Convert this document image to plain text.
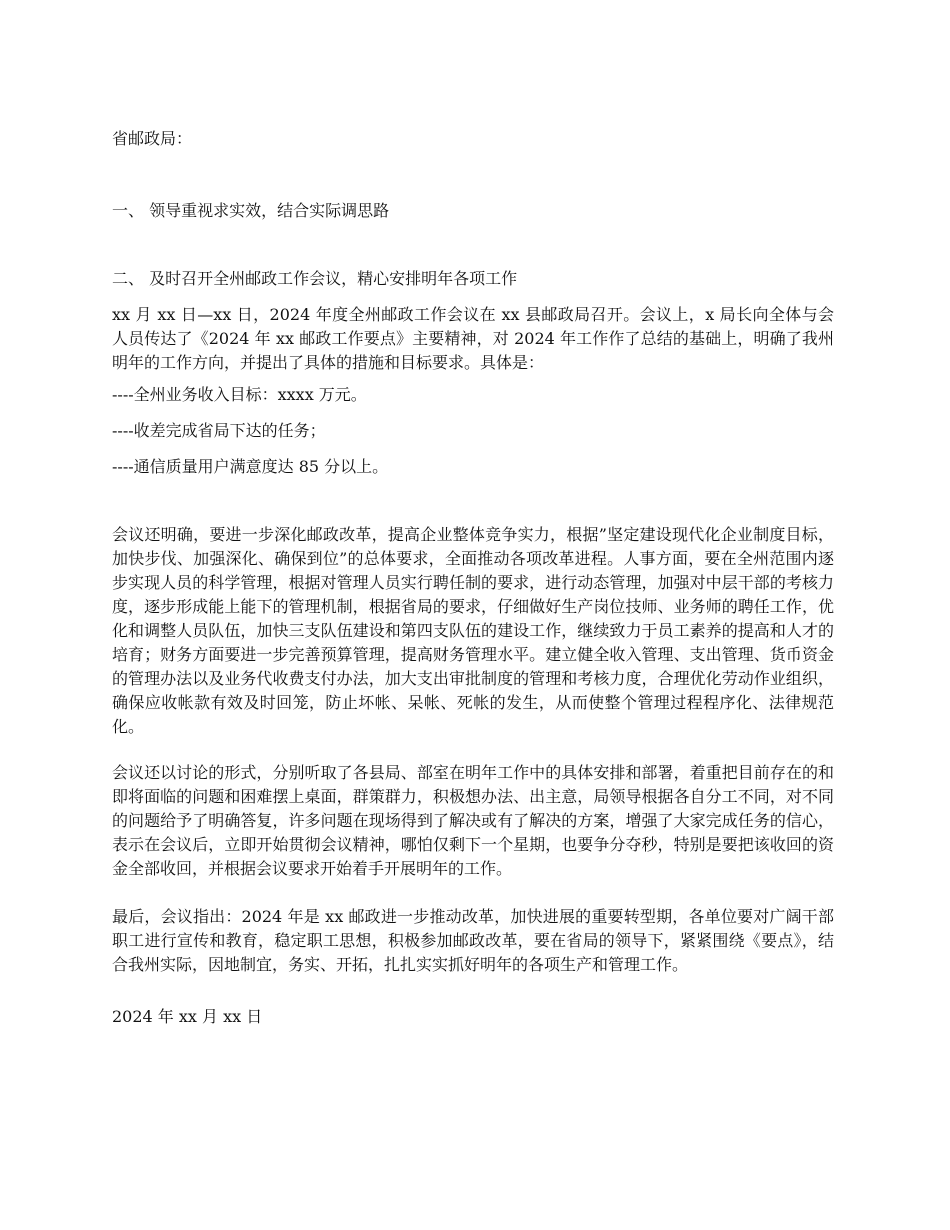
省邮政局：

一、 领导重视求实效，结合实际调思路

二、 及时召开全州邮政工作会议，精心安排明年各项工作

xx 月 xx 日—xx 日，2024 年度全州邮政工作会议在 xx 县邮政局召开。会议上，x 局长向全体与会人员传达了《2024 年 xx 邮政工作要点》主要精神，对 2024 年工作作了总结的基础上，明确了我州明年的工作方向，并提出了具体的措施和目标要求。具体是：

----全州业务收入目标：xxxx 万元。

----收差完成省局下达的任务；

----通信质量用户满意度达 85 分以上。

会议还明确，要进一步深化邮政改革，提高企业整体竞争实力，根据”坚定建设现代化企业制度目标，加快步伐、加强深化、确保到位”的总体要求，全面推动各项改革进程。人事方面，要在全州范围内逐步实现人员的科学管理，根据对管理人员实行聘任制的要求，进行动态管理，加强对中层干部的考核力度，逐步形成能上能下的管理机制，根据省局的要求，仔细做好生产岗位技师、业务师的聘任工作，优化和调整人员队伍，加快三支队伍建设和第四支队伍的建设工作，继续致力于员工素养的提高和人才的培育；财务方面要进一步完善预算管理，提高财务管理水平。建立健全收入管理、支出管理、货币资金的管理办法以及业务代收费支付办法，加大支出审批制度的管理和考核力度，合理优化劳动作业组织，确保应收帐款有效及时回笼，防止坏帐、呆帐、死帐的发生，从而使整个管理过程程序化、法律规范化。

会议还以讨论的形式，分别听取了各县局、部室在明年工作中的具体安排和部署，着重把目前存在的和即将面临的问题和困难摆上桌面，群策群力，积极想办法、出主意，局领导根据各自分工不同，对不同的问题给予了明确答复，许多问题在现场得到了解决或有了解决的方案，增强了大家完成任务的信心，表示在会议后，立即开始贯彻会议精神，哪怕仅剩下一个星期，也要争分夺秒，特别是要把该收回的资金全部收回，并根据会议要求开始着手开展明年的工作。

最后，会议指出：2024 年是 xx 邮政进一步推动改革，加快进展的重要转型期，各单位要对广阔干部职工进行宣传和教育，稳定职工思想，积极参加邮政改革，要在省局的领导下，紧紧围绕《要点》，结合我州实际，因地制宜，务实、开拓，扎扎实实抓好明年的各项生产和管理工作。

2024 年 xx 月 xx 日
